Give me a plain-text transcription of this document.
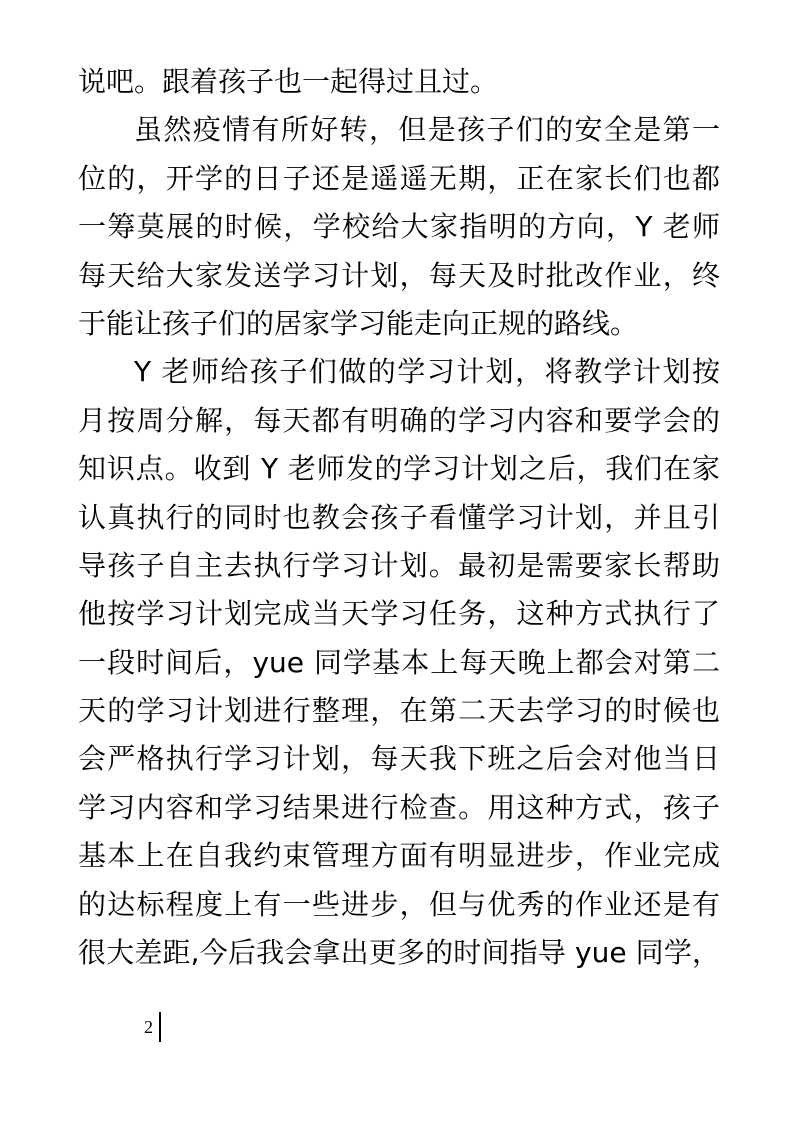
说吧。跟着孩子也一起得过且过。
虽然疫情有所好转，但是孩子们的安全是第一
位的，开学的日子还是遥遥无期，正在家长们也都
一筹莫展的时候，学校给大家指明的方向，Y 老师
每天给大家发送学习计划，每天及时批改作业，终
于能让孩子们的居家学习能走向正规的路线。
Y 老师给孩子们做的学习计划，将教学计划按
月按周分解，每天都有明确的学习内容和要学会的
知识点。收到 Y 老师发的学习计划之后，我们在家
认真执行的同时也教会孩子看懂学习计划，并且引
导孩子自主去执行学习计划。最初是需要家长帮助
他按学习计划完成当天学习任务，这种方式执行了
一段时间后，yue 同学基本上每天晚上都会对第二
天的学习计划进行整理，在第二天去学习的时候也
会严格执行学习计划，每天我下班之后会对他当日
学习内容和学习结果进行检查。用这种方式，孩子
基本上在自我约束管理方面有明显进步，作业完成
的达标程度上有一些进步，但与优秀的作业还是有
很大差距,今后我会拿出更多的时间指导 yue 同学，
2
